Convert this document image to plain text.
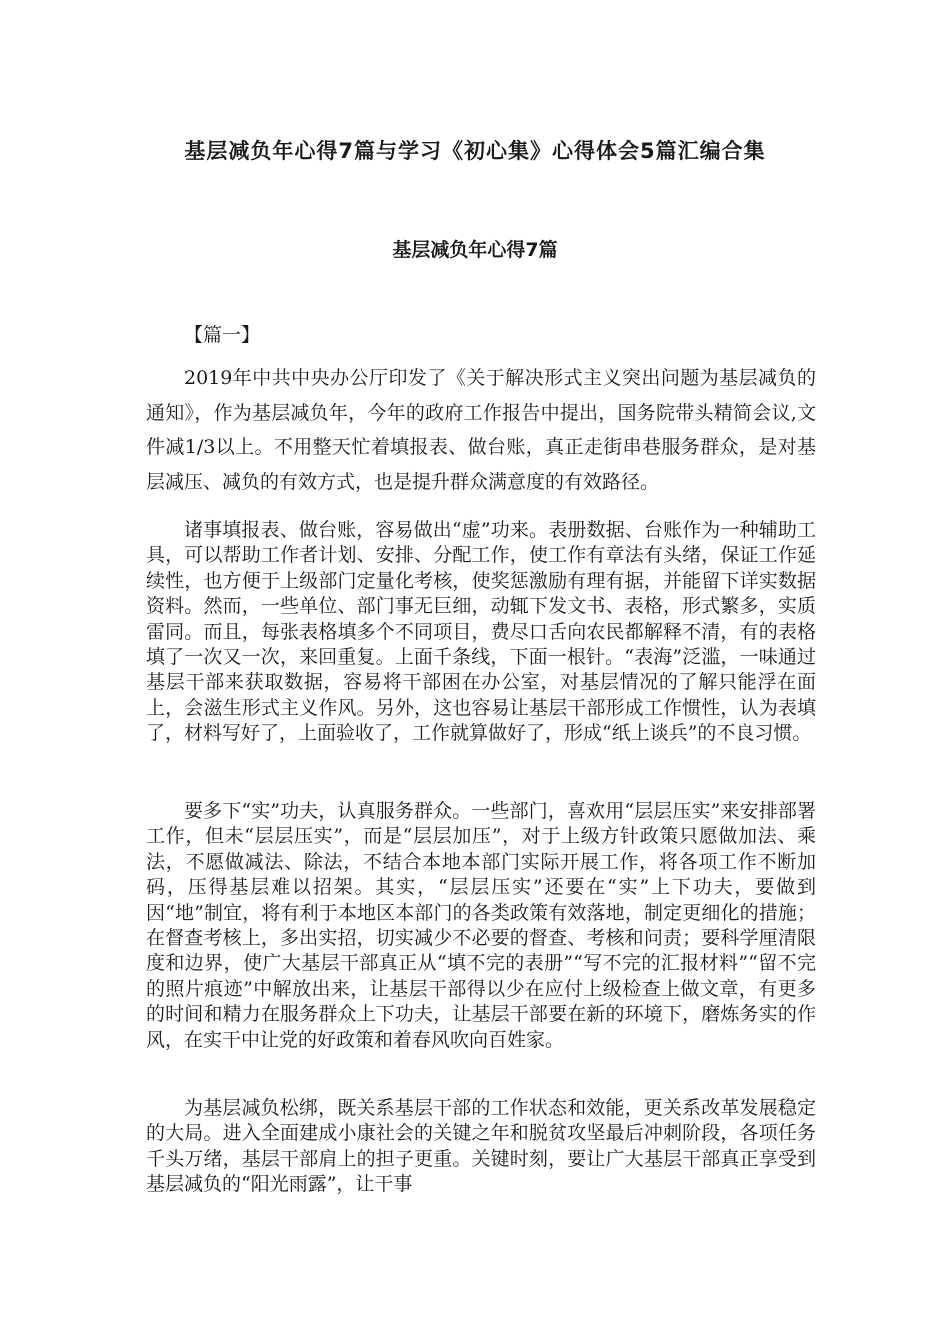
基层减负年心得7篇与学习《初心集》心得体会5篇汇编合集
基层减负年心得7篇
【篇一】

2019年中共中央办公厅印发了《关于解决形式主义突出问题为基层减负的通知》，作为基层减负年，今年的政府工作报告中提出，国务院带头精简会议,文件减1/3以上。不用整天忙着填报表、做台账，真正走街串巷服务群众，是对基层减压、减负的有效方式，也是提升群众满意度的有效路径。

诸事填报表、做台账，容易做出“虚”功来。表册数据、台账作为一种辅助工具，可以帮助工作者计划、安排、分配工作，使工作有章法有头绪，保证工作延续性，也方便于上级部门定量化考核，使奖惩激励有理有据，并能留下详实数据资料。然而，一些单位、部门事无巨细，动辄下发文书、表格，形式繁多，实质雷同。而且，每张表格填多个不同项目，费尽口舌向农民都解释不清，有的表格填了一次又一次，来回重复。上面千条线，下面一根针。“表海”泛滥，一味通过基层干部来获取数据，容易将干部困在办公室，对基层情况的了解只能浮在面上，会滋生形式主义作风。另外，这也容易让基层干部形成工作惯性，认为表填了，材料写好了，上面验收了，工作就算做好了，形成“纸上谈兵”的不良习惯。

要多下“实”功夫，认真服务群众。一些部门，喜欢用“层层压实”来安排部署工作，但未“层层压实”，而是“层层加压”，对于上级方针政策只愿做加法、乘法，不愿做减法、除法，不结合本地本部门实际开展工作，将各项工作不断加码，压得基层难以招架。其实，“层层压实”还要在“实”上下功夫，要做到因“地”制宜，将有利于本地区本部门的各类政策有效落地，制定更细化的措施；在督查考核上，多出实招，切实减少不必要的督查、考核和问责；要科学厘清限度和边界，使广大基层干部真正从“填不完的表册”“写不完的汇报材料”“留不完的照片痕迹”中解放出来，让基层干部得以少在应付上级检查上做文章，有更多的时间和精力在服务群众上下功夫，让基层干部要在新的环境下，磨炼务实的作风，在实干中让党的好政策和着春风吹向百姓家。

为基层减负松绑，既关系基层干部的工作状态和效能，更关系改革发展稳定的大局。进入全面建成小康社会的关键之年和脱贫攻坚最后冲刺阶段，各项任务千头万绪，基层干部肩上的担子更重。关键时刻，要让广大基层干部真正享受到基层减负的“阳光雨露”，让干事
